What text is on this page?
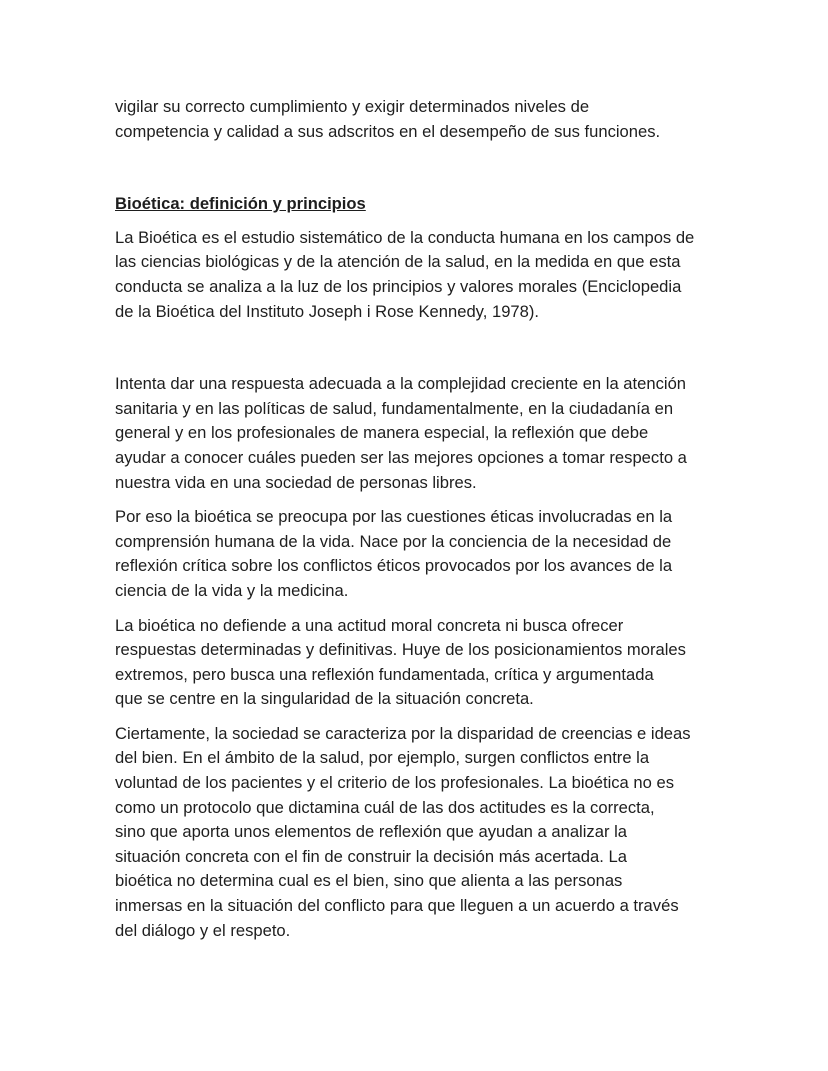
vigilar su correcto cumplimiento y exigir determinados niveles de
competencia y calidad a sus adscritos en el desempeño de sus funciones.

Bioética: definición y principios

La Bioética es el estudio sistemático de la conducta humana en los campos de
las ciencias biológicas y de la atención de la salud, en la medida en que esta
conducta se analiza a la luz de los principios y valores morales (Enciclopedia
de la Bioética del Instituto Joseph i Rose Kennedy, 1978).

Intenta dar una respuesta adecuada a la complejidad creciente en la atención
sanitaria y en las políticas de salud, fundamentalmente, en la ciudadanía en
general y en los profesionales de manera especial, la reflexión que debe
ayudar a conocer cuáles pueden ser las mejores opciones a tomar respecto a
nuestra vida en una sociedad de personas libres.

Por eso la bioética se preocupa por las cuestiones éticas involucradas en la
comprensión humana de la vida. Nace por la conciencia de la necesidad de
reflexión crítica sobre los conflictos éticos provocados por los avances de la
ciencia de la vida y la medicina.

La bioética no defiende a una actitud moral concreta ni busca ofrecer
respuestas determinadas y definitivas. Huye de los posicionamientos morales
extremos, pero busca una reflexión fundamentada, crítica y argumentada
que se centre en la singularidad de la situación concreta.

Ciertamente, la sociedad se caracteriza por la disparidad de creencias e ideas
del bien. En el ámbito de la salud, por ejemplo, surgen conflictos entre la
voluntad de los pacientes y el criterio de los profesionales. La bioética no es
como un protocolo que dictamina cuál de las dos actitudes es la correcta,
sino que aporta unos elementos de reflexión que ayudan a analizar la
situación concreta con el fin de construir la decisión más acertada. La
bioética no determina cual es el bien, sino que alienta a las personas
inmersas en la situación del conflicto para que lleguen a un acuerdo a través
del diálogo y el respeto.
